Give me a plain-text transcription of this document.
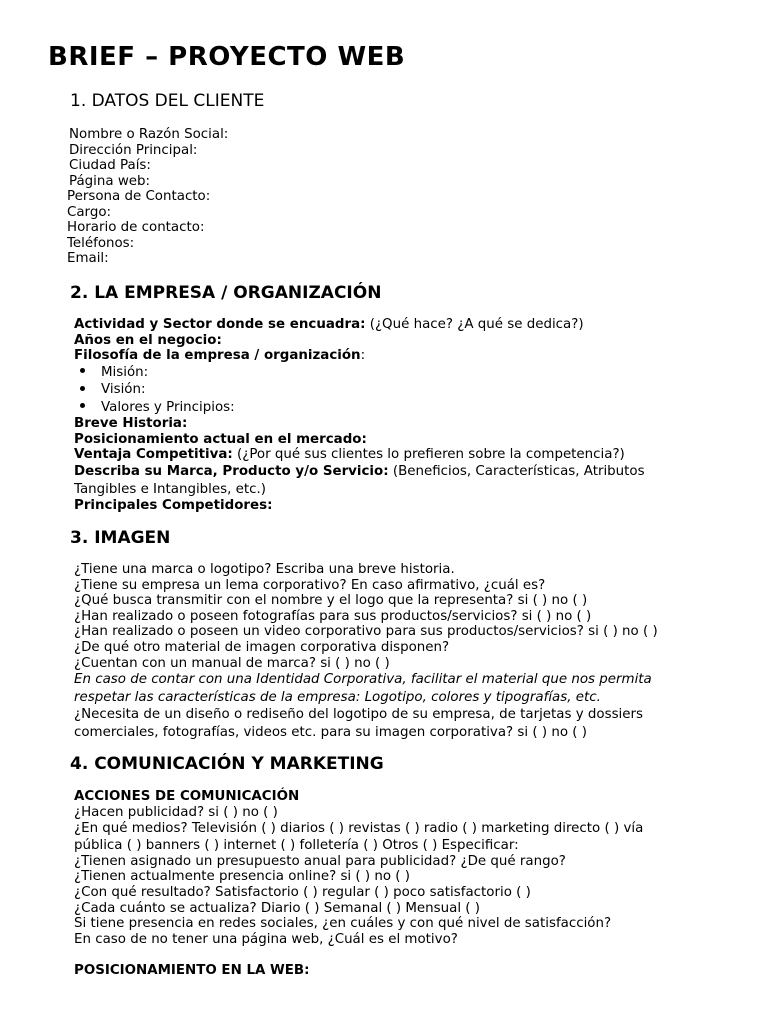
BRIEF – PROYECTO WEB
1. DATOS DEL CLIENTE
Nombre o Razón Social:
Dirección Principal:
Ciudad País:
Página web:
Persona de Contacto:
Cargo:
Horario de contacto:
Teléfonos:
Email:
2. LA EMPRESA / ORGANIZACIÓN
Actividad y Sector donde se encuadra: (¿Qué hace? ¿A qué se dedica?)
Años en el negocio:
Filosofía de la empresa / organización:
Misión:
Visión:
Valores y Principios:
Breve Historia:
Posicionamiento actual en el mercado:
Ventaja Competitiva: (¿Por qué sus clientes lo prefieren sobre la competencia?)
Describa su Marca, Producto y/o Servicio: (Beneficios, Características, Atributos
Tangibles e Intangibles, etc.)
Principales Competidores:
3. IMAGEN
¿Tiene una marca o logotipo? Escriba una breve historia.
¿Tiene su empresa un lema corporativo? En caso afirmativo, ¿cuál es?
¿Qué busca transmitir con el nombre y el logo que la representa? si ( ) no ( )
¿Han realizado o poseen fotografías para sus productos/servicios? si ( ) no ( )
¿Han realizado o poseen un video corporativo para sus productos/servicios? si ( ) no ( )
¿De qué otro material de imagen corporativa disponen?
¿Cuentan con un manual de marca? si ( ) no ( )
En caso de contar con una Identidad Corporativa, facilitar el material que nos permita
respetar las características de la empresa: Logotipo, colores y tipografías, etc.
¿Necesita de un diseño o rediseño del logotipo de su empresa, de tarjetas y dossiers
comerciales, fotografías, videos etc. para su imagen corporativa? si ( ) no ( )
4. COMUNICACIÓN Y MARKETING
ACCIONES DE COMUNICACIÓN
¿Hacen publicidad? si ( ) no ( )
¿En qué medios? Televisión ( ) diarios ( ) revistas ( ) radio ( ) marketing directo ( ) vía
pública ( ) banners ( ) internet ( ) folletería ( ) Otros ( ) Especificar:
¿Tienen asignado un presupuesto anual para publicidad? ¿De qué rango?
¿Tienen actualmente presencia online? si ( ) no ( )
¿Con qué resultado? Satisfactorio ( ) regular ( ) poco satisfactorio ( )
¿Cada cuánto se actualiza? Diario ( ) Semanal ( ) Mensual ( )
Si tiene presencia en redes sociales, ¿en cuáles y con qué nivel de satisfacción?
En caso de no tener una página web, ¿Cuál es el motivo?
POSICIONAMIENTO EN LA WEB:
